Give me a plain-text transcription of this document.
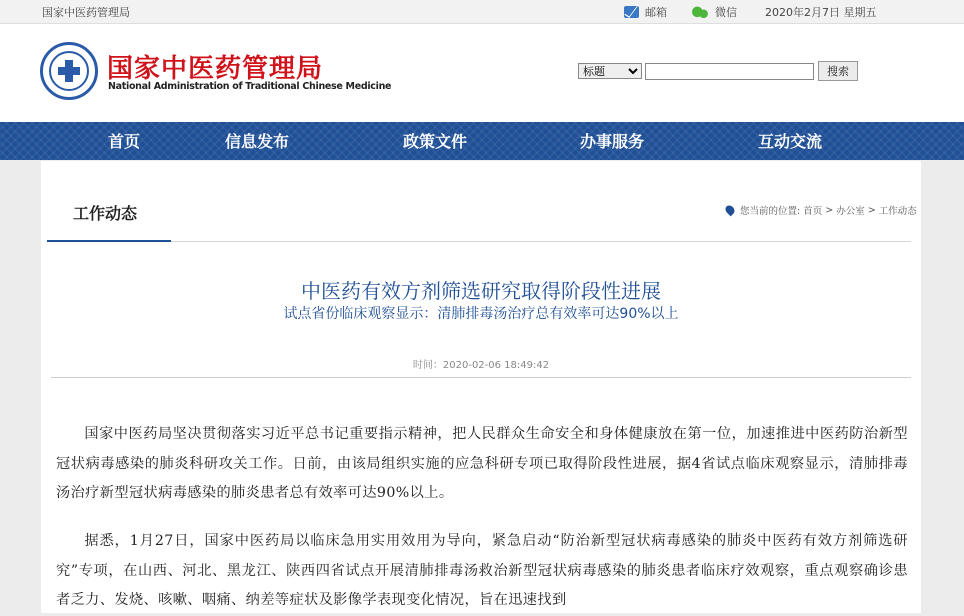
国家中医药管理局	邮箱	微信	2020年2月7日 星期五
国家中医药管理局
National Administration of Traditional Chinese Medicine
标题
搜索
首页	信息发布	政策文件	办事服务	互动交流
工作动态	您当前的位置: 首页 > 办公室 > 工作动态
中医药有效方剂筛选研究取得阶段性进展
试点省份临床观察显示：清肺排毒汤治疗总有效率可达90%以上
时间：2020-02-06 18:49:42

国家中医药局坚决贯彻落实习近平总书记重要指示精神，把人民群众生命安全和身体健康放在第一位，加速推进中医药防治新型冠状病毒感染的肺炎科研攻关工作。日前，由该局组织实施的应急科研专项已取得阶段性进展，据4省试点临床观察显示，清肺排毒汤治疗新型冠状病毒感染的肺炎患者总有效率可达90%以上。

据悉，1月27日，国家中医药局以临床急用实用效用为导向，紧急启动“防治新型冠状病毒感染的肺炎中医药有效方剂筛选研究”专项，在山西、河北、黑龙江、陕西四省试点开展清肺排毒汤救治新型冠状病毒感染的肺炎患者临床疗效观察，重点观察确诊患者乏力、发烧、咳嗽、咽痛、纳差等症状及影像学表现变化情况，旨在迅速找到
